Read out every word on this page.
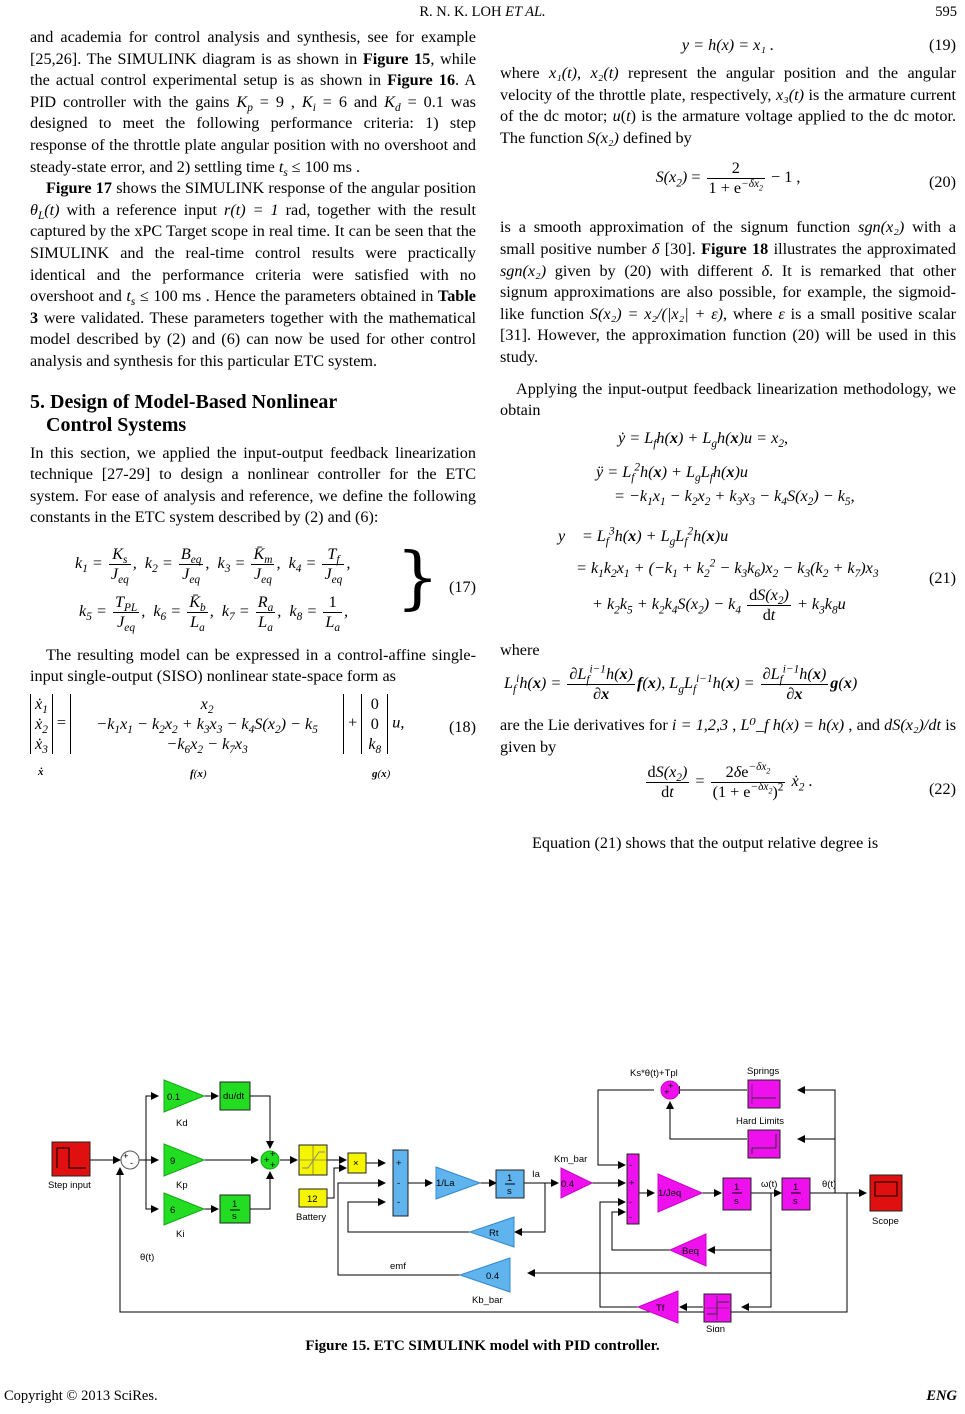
R. N. K. LOH ET AL.	595

and academia for control analysis and synthesis, see for example [25,26]. The SIMULINK diagram is as shown in Figure 15, while the actual control experimental setup is as shown in Figure 16. A PID controller with the gains $K_p = 9$ , $K_i = 6$ and $K_d = 0.1$ was designed to meet the following performance criteria: 1) step response of the throttle plate angular position with no overshoot and steady-state error, and 2) settling time $t_s \le 100$ ms .

Figure 17 shows the SIMULINK response of the angular position $\theta_L(t)$ with a reference input r(t) = 1 rad, together with the result captured by the xPC Target scope in real time. It can be seen that the SIMULINK and the real-time control results were practically identical and the performance criteria were satisfied with no overshoot and $t_s \le 100$ ms . Hence the parameters obtained in Table 3 were validated. These parameters together with the mathematical model described by (2) and (6) can now be used for other control analysis and synthesis for this particular ETC system.

5. Design of Model-Based Nonlinear
Control Systems

In this section, we applied the input-output feedback linearization technique [27-29] to design a nonlinear controller for the ETC system. For ease of analysis and reference, we define the following constants in the ETC system described by (2) and (6):

$k_1 = \frac{K_s}{J_{eq}}$ ,  $k_2 = \frac{B_{eq}}{J_{eq}}$ ,  $k_3 = \frac{K̄_m}{J_{eq}}$ ,  $k_4 = \frac{T_f}{J_{eq}}$ ,
$k_5 = \frac{T_{PL}}{J_{eq}}$ ,  $k_6 = \frac{K̄_b}{L_a}$ ,  $k_7 = \frac{R_a}{L_a}$ ,  $k_8 = \frac{1}{L_a}$ , } (17)

The resulting model can be expressed in a control-affine single-input single-output (SISO) nonlinear state-space form as

ẋ$_1$
ẋ$_2$
ẋ$_3$
=
$x_2$
$-k_1x_1 - k_2x_2 + k_3x_3 - k_4S(x_2) - k_5$
$-k_6x_2 - k_7x_3$
+
0
0
$k_8$
u,
ẋ	f(x)	g(x)
(18)
y = h(x) = x₁ .	(19)

where x₁(t), x₂(t) represent the angular position and the angular velocity of the throttle plate, respectively, x₃(t) is the armature current of the dc motor; u(t) is the armature voltage applied to the dc motor. The function S(x₂) defined by

$S(x_2) = \frac{2}{1 + e^{-\delta x_2}} - 1$ ,	(20)

is a smooth approximation of the signum function sgn(x₂) with a small positive number δ [30]. Figure 18 illustrates the approximated sgn(x₂) given by (20) with different δ. It is remarked that other signum approximations are also possible, for example, the sigmoid-like function S(x₂) = x₂/(|x₂| + ε), where ε is a small positive scalar [31]. However, the approximation function (20) will be used in this study.

Applying the input-output feedback linearization methodology, we obtain

ẏ = $L_fh(x) + L_gh(x)u = x_2$,
ÿ = $L_f^2h(x) + L_gL_fh(x)u$
= $-k_1x_1 - k_2x_2 + k_3x_3 - k_4S(x_2) - k_5$,
y⃛ = $L_f^3h(x) + L_gL_f^2h(x)u$
= $k_1k_2x_1 + (-k_1 + k_2^2 - k_3k_6)x_2 - k_3(k_2 + k_7)x_3$
+ $k_2k_5 + k_2k_4S(x_2) - k_4 \frac{dS(x_2)}{dt} + k_3k_8u$
(21)

where

$L_f^ih(x) = \frac{\partial L_f^{i-1}h(x)}{\partial x} f(x)$, $L_gL_f^{i-1}h(x) = \frac{\partial L_f^{i-1}h(x)}{\partial x} g(x)$

are the Lie derivatives for i = 1,2,3 , L⁰_f h(x) = h(x) , and dS(x₂)/dt is given by

$\frac{dS(x_2)}{dt} = \frac{2\delta e^{-\delta x_2}}{(1 + e^{-\delta x_2})^2}$ ẋ$_2$ .	(22)

Equation (21) shows that the output relative degree is

Step input
+
-
0.1
Kd
du/dt
9
Kp
6
Ki
1
s
+
+
+
12
Battery
×	+
-
-
1/La	1
s
Ia
Rt
0.4
Kb_bar
emf
θ(t)
0.4
Km_bar
-
+
-
-
1/Jeq
1
s
ω(t) 1
s
θ(t)
Scope
+
+
Ks*θ(t)+Tpl	Springs
Hard Limits
Beq
Tf
Sign
Figure 15. ETC SIMULINK model with PID controller.
Copyright © 2013 SciRes.	ENG
